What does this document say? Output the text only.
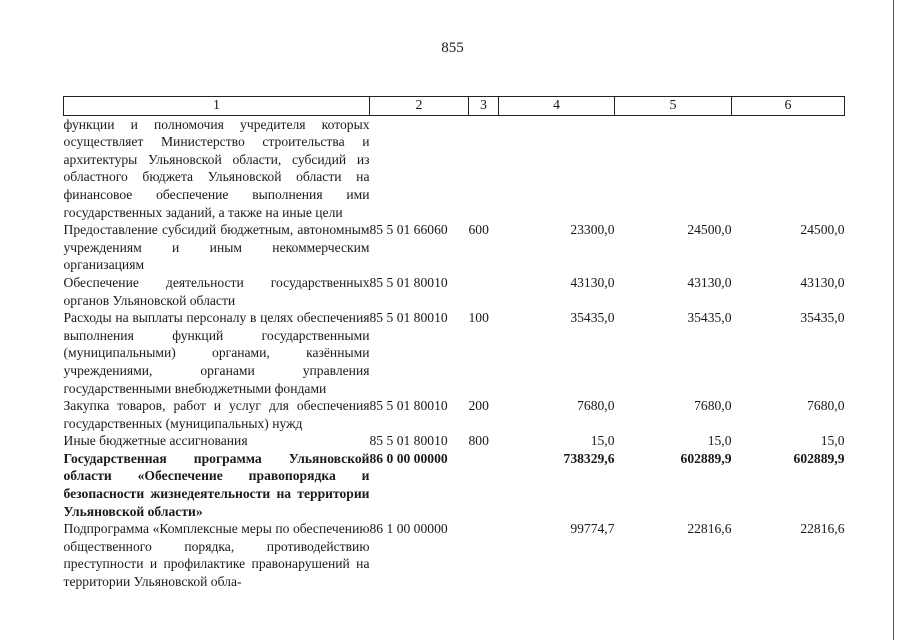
855
1	2	3	4	5	6
функции и полномочия учредителя которых осуществляет Министерство строительства и архитектуры Ульяновской области, субсидий из областного бюджета Ульяновской области на финансовое обеспечение выполнения ими государственных заданий, а также на иные цели					
Предоставление субсидий бюджетным, автономным учреждениям и иным некоммерческим организациям	85 5 01 66060	600	23300,0	24500,0	24500,0
Обеспечение деятельности государственных органов Ульяновской области	85 5 01 80010		43130,0	43130,0	43130,0
Расходы на выплаты персоналу в целях обеспечения выполнения функций государственными (муниципальными) органами, казёнными учреждениями, органами управления государственными внебюджетными фондами	85 5 01 80010	100	35435,0	35435,0	35435,0
Закупка товаров, работ и услуг для обеспечения государственных (муниципальных) нужд	85 5 01 80010	200	7680,0	7680,0	7680,0
Иные бюджетные ассигнования	85 5 01 80010	800	15,0	15,0	15,0
Государственная программа Ульяновской области «Обеспечение правопорядка и безопасности жизнедеятельности на территории Ульяновской области»	86 0 00 00000		738329,6	602889,9	602889,9
Подпрограмма «Комплексные меры по обеспечению общественного порядка, противодействию преступности и профилактике правонарушений на территории Ульяновской обла-	86 1 00 00000		99774,7	22816,6	22816,6
